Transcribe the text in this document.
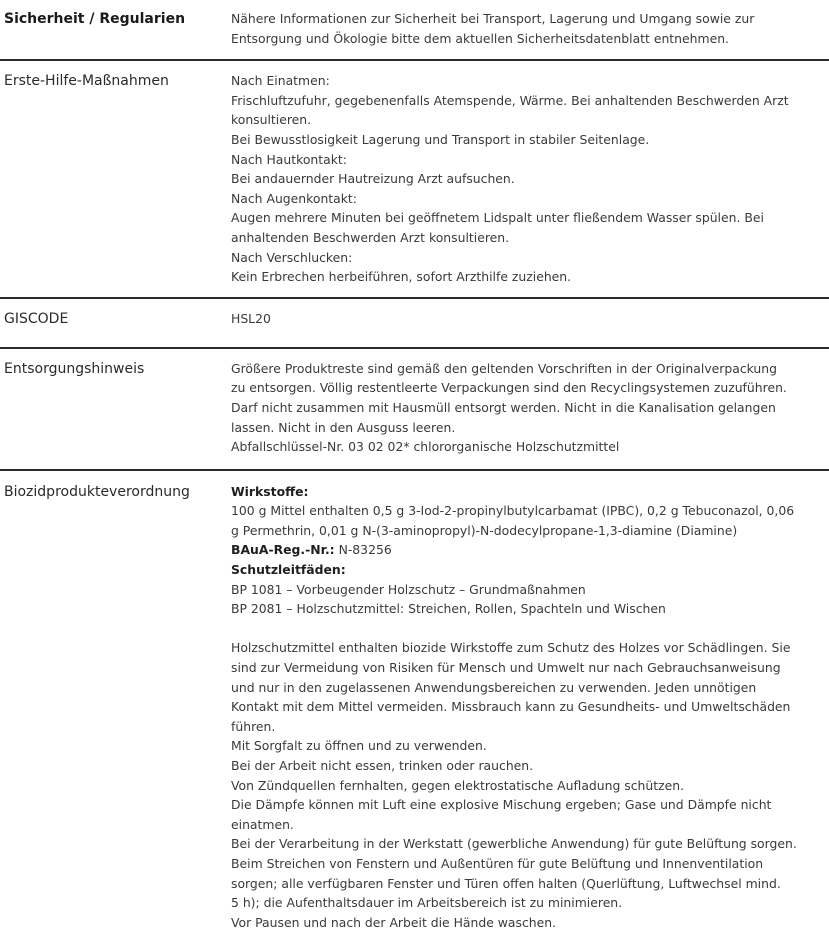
Sicherheit / Regularien	Nähere Informationen zur Sicherheit bei Transport, Lagerung und Umgang sowie zur
Entsorgung und Ökologie bitte dem aktuellen Sicherheitsdatenblatt entnehmen.
Erste-Hilfe-Maßnahmen	Nach Einatmen:
Frischluftzufuhr, gegebenenfalls Atemspende, Wärme. Bei anhaltenden Beschwerden Arzt
konsultieren.
Bei Bewusstlosigkeit Lagerung und Transport in stabiler Seitenlage.
Nach Hautkontakt:
Bei andauernder Hautreizung Arzt aufsuchen.
Nach Augenkontakt:
Augen mehrere Minuten bei geöffnetem Lidspalt unter fließendem Wasser spülen. Bei
anhaltenden Beschwerden Arzt konsultieren.
Nach Verschlucken:
Kein Erbrechen herbeiführen, sofort Arzthilfe zuziehen.
GISCODE	HSL20
Entsorgungshinweis	Größere Produktreste sind gemäß den geltenden Vorschriften in der Originalverpackung
zu entsorgen. Völlig restentleerte Verpackungen sind den Recyclingsystemen zuzuführen.
Darf nicht zusammen mit Hausmüll entsorgt werden. Nicht in die Kanalisation gelangen
lassen. Nicht in den Ausguss leeren.
Abfallschlüssel-Nr. 03 02 02* chlororganische Holzschutzmittel
Biozidprodukteverordnung	Wirkstoffe:
100 g Mittel enthalten 0,5 g 3-Iod-2-propinylbutylcarbamat (IPBC), 0,2 g Tebuconazol, 0,06
g Permethrin, 0,01 g N-(3-aminopropyl)-N-dodecylpropane-1,3-diamine (Diamine)
BAuA-Reg.-Nr.: N-83256
Schutzleitfäden:
BP 1081 – Vorbeugender Holzschutz – Grundmaßnahmen
BP 2081 – Holzschutzmittel: Streichen, Rollen, Spachteln und Wischen
Holzschutzmittel enthalten biozide Wirkstoffe zum Schutz des Holzes vor Schädlingen. Sie
sind zur Vermeidung von Risiken für Mensch und Umwelt nur nach Gebrauchsanweisung
und nur in den zugelassenen Anwendungsbereichen zu verwenden. Jeden unnötigen
Kontakt mit dem Mittel vermeiden. Missbrauch kann zu Gesundheits- und Umweltschäden
führen.
Mit Sorgfalt zu öffnen und zu verwenden.
Bei der Arbeit nicht essen, trinken oder rauchen.
Von Zündquellen fernhalten, gegen elektrostatische Aufladung schützen.
Die Dämpfe können mit Luft eine explosive Mischung ergeben; Gase und Dämpfe nicht
einatmen.
Bei der Verarbeitung in der Werkstatt (gewerbliche Anwendung) für gute Belüftung sorgen.
Beim Streichen von Fenstern und Außentüren für gute Belüftung und Innenventilation
sorgen; alle verfügbaren Fenster und Türen offen halten (Querlüftung, Luftwechsel mind.
5 h); die Aufenthaltsdauer im Arbeitsbereich ist zu minimieren.
Vor Pausen und nach der Arbeit die Hände waschen.
